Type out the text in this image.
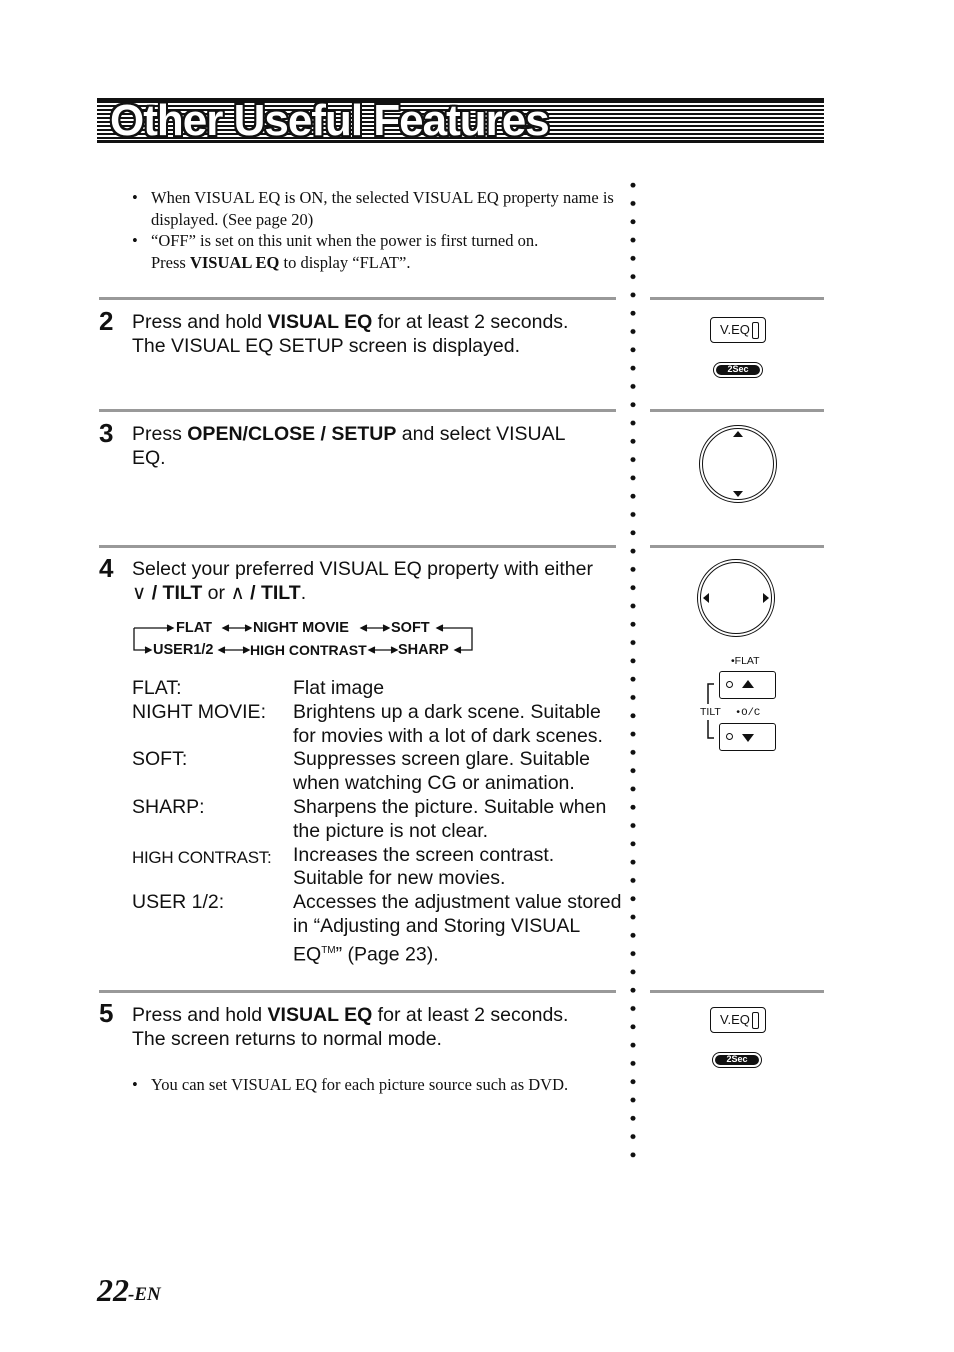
Other Useful Features
• When VISUAL EQ is ON, the selected VISUAL EQ property name is displayed. (See page 20)
• “OFF” is set on this unit when the power is first turned on.
Press VISUAL EQ to display “FLAT”.
2 Press and hold VISUAL EQ for at least 2 seconds.
The VISUAL EQ SETUP screen is displayed.
3 Press OPEN/CLOSE / SETUP and select VISUAL EQ.
4 Select your preferred VISUAL EQ property with either
∨ / TILT or ∧ / TILT.
FLAT	NIGHT MOVIE	SOFT
USER1/2	HIGH CONTRAST SHARP
FLAT:	Flat image
NIGHT MOVIE:	Brightens up a dark scene. Suitable for movies with a lot of dark scenes.
SOFT:	Suppresses screen glare. Suitable when watching CG or animation.
SHARP:	Sharpens the picture. Suitable when the picture is not clear.
HIGH CONTRAST:	Increases the screen contrast. Suitable for new movies.
USER 1/2:	Accesses the adjustment value stored in “Adjusting and Storing VISUAL EQ™” (Page 23).
5 Press and hold VISUAL EQ for at least 2 seconds.
The screen returns to normal mode.
• You can set VISUAL EQ for each picture source such as DVD.
V.EQ
2Sec
•FLAT
TILT •O/C
V.EQ
2Sec
22 -EN
